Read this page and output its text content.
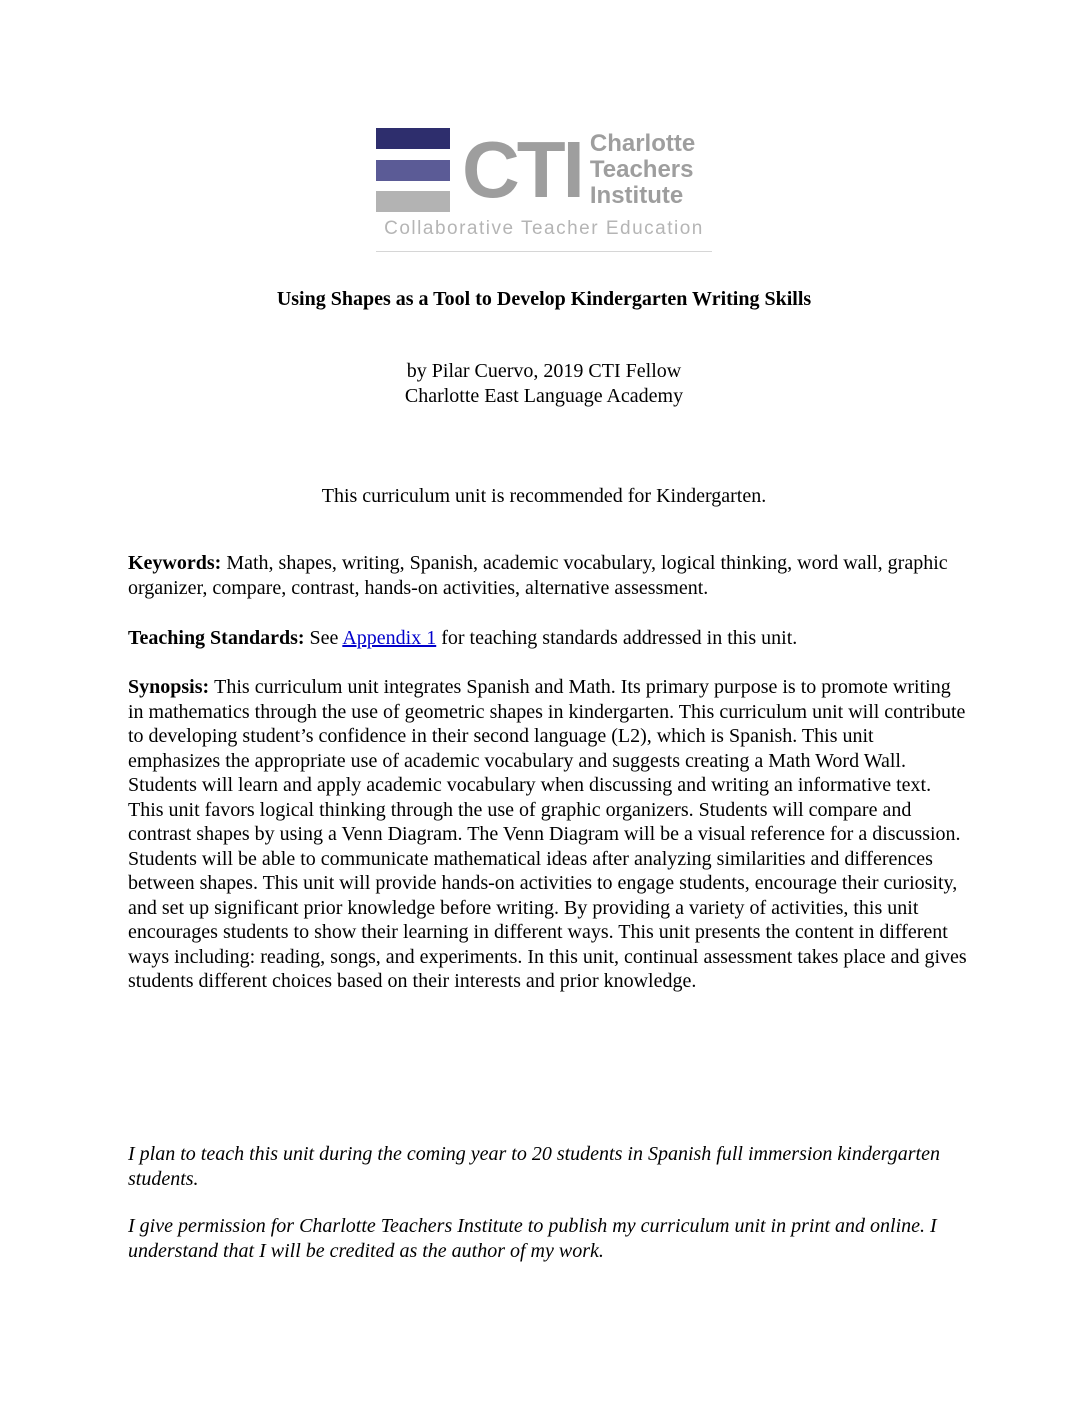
CTI Charlotte
Teachers
Institute
Collaborative Teacher Education
Using Shapes as a Tool to Develop Kindergarten Writing Skills
by Pilar Cuervo, 2019 CTI Fellow
Charlotte East Language Academy
This curriculum unit is recommended for Kindergarten.

Keywords: Math, shapes, writing, Spanish, academic vocabulary, logical thinking, word wall, graphic organizer, compare, contrast, hands-on activities, alternative assessment.

Teaching Standards: See Appendix 1 for teaching standards addressed in this unit.

Synopsis: This curriculum unit integrates Spanish and Math. Its primary purpose is to promote writing in mathematics through the use of geometric shapes in kindergarten. This curriculum unit will contribute to developing student’s confidence in their second language (L2), which is Spanish. This unit emphasizes the appropriate use of academic vocabulary and suggests creating a Math Word Wall. Students will learn and apply academic vocabulary when discussing and writing an informative text. This unit favors logical thinking through the use of graphic organizers. Students will compare and contrast shapes by using a Venn Diagram. The Venn Diagram will be a visual reference for a discussion. Students will be able to communicate mathematical ideas after analyzing similarities and differences between shapes. This unit will provide hands-on activities to engage students, encourage their curiosity, and set up significant prior knowledge before writing. By providing a variety of activities, this unit encourages students to show their learning in different ways. This unit presents the content in different ways including: reading, songs, and experiments. In this unit, continual assessment takes place and gives students different choices based on their interests and prior knowledge.

I plan to teach this unit during the coming year to 20 students in Spanish full immersion kindergarten students.

I give permission for Charlotte Teachers Institute to publish my curriculum unit in print and online. I understand that I will be credited as the author of my work.
